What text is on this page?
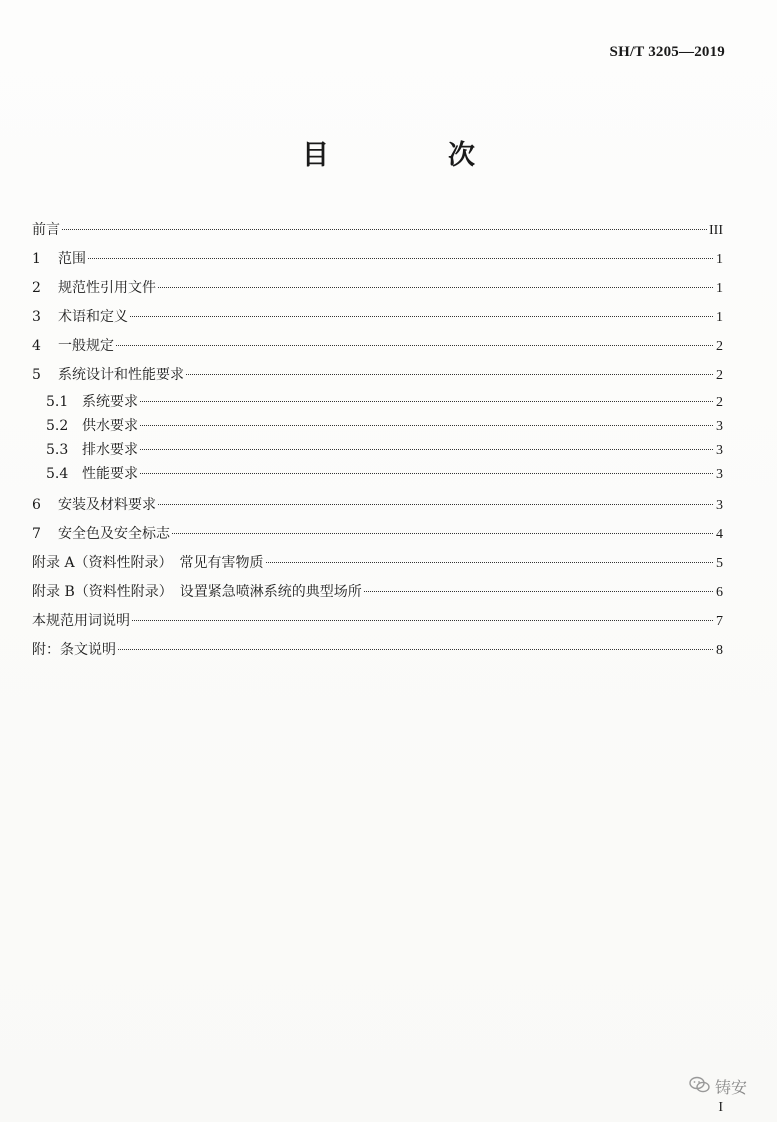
SH/T 3205—2019
目　次
前言	III
1	范围	1
2	规范性引用文件	1
3	术语和定义	1
4	一般规定	2
5	系统设计和性能要求	2
5.1 系统要求	2
5.2 供水要求	3
5.3 排水要求	3
5.4 性能要求	3
6	安装及材料要求	3
7	安全色及安全标志	4
附录 A（资料性附录）　常见有害物质	5
附录 B（资料性附录）　设置紧急喷淋系统的典型场所	6
本规范用词说明	7
附：条文说明	8
铸安
I
